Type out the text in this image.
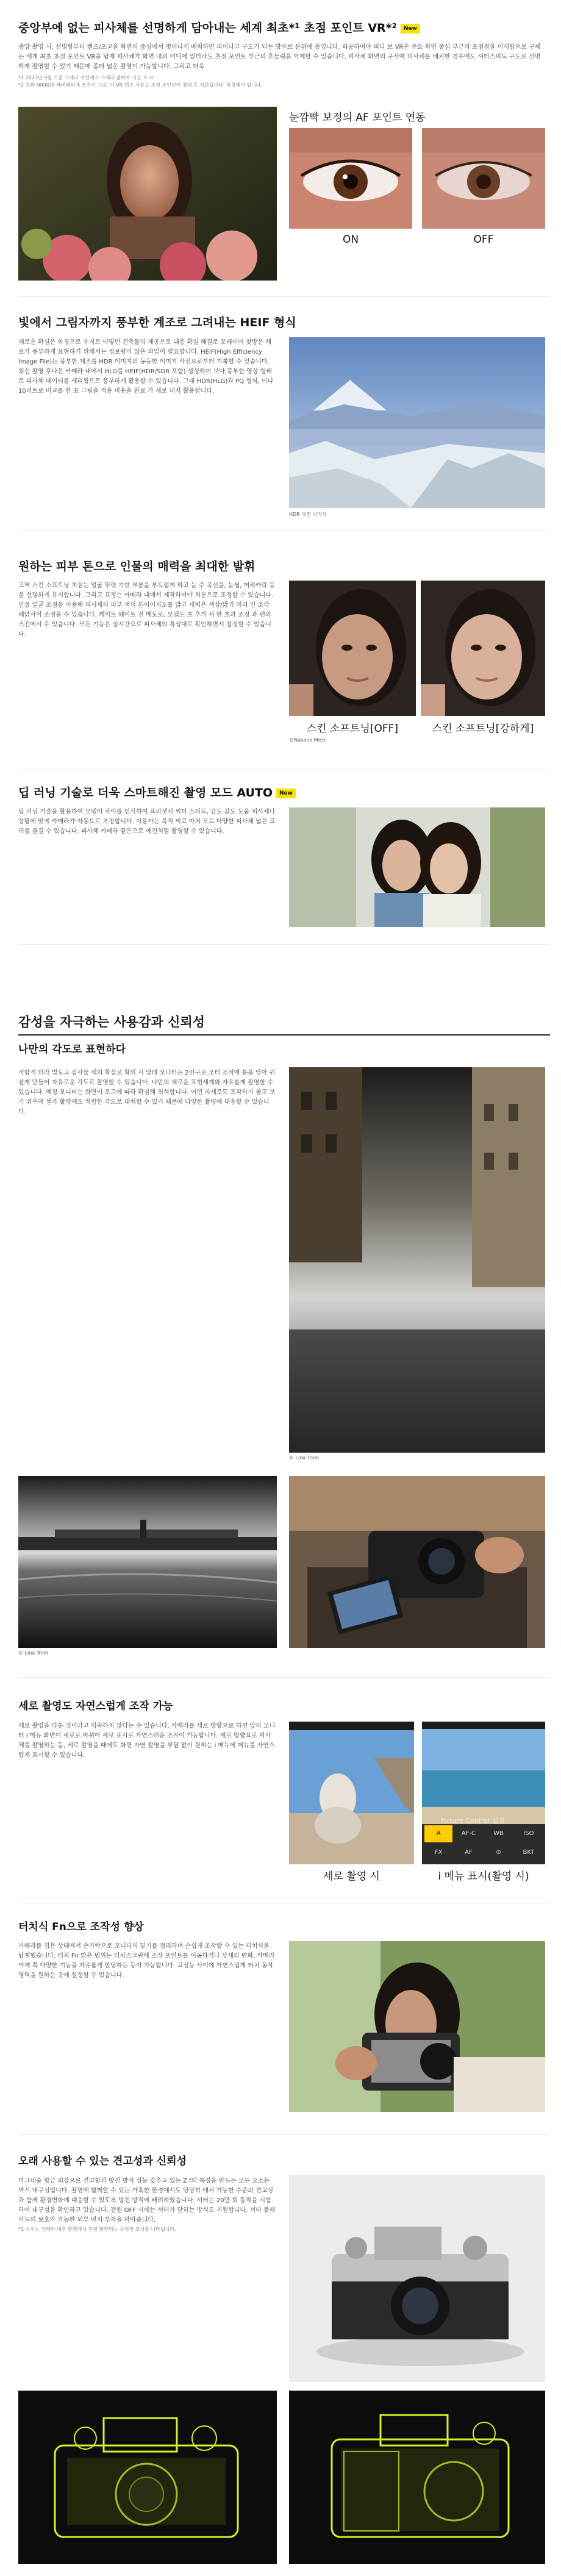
중앙부에 없는 피사체를 선명하게 담아내는 세계 최초*¹ 초점 포인트 VR*² New
중앙 촬영 시, 선명함부터 렌즈/초고을 화면의 중심에서 벗어나게 배치하면 피어나고 구도가 되는 방으로 분위에 등입니다. 피공하여야 피디 보 VR은 주요 화면 중심 부근의 초점점을 이제함으로 구체는 세계 최초 초점 포인트 VR을 탑재 피사체가 화면 내의 어디에 있더라도 초점 포인트 부근의 흔들림을 억제할 수 있습니다. 피사체 화면의 구석에 피사체를 배치한 경우에도 셔터스피드 구도로 선명하게 촬영할 수 있기 때문에 좀더 넓은 촬영이 가능합니다. 그리고 더욱.
*1 2023년 9월 기준 카메라 지연에서 카메라 출하로 시간 조 표
*2 호환 NIKKOR 레버레티에 조건이 그림, 이 VR 렌즈 사용을 조정 조인선에 점대 등 지원됩니다. 특성에서 입니다.
눈깜빡 보정의 AF 포인트 연동
ON	OFF
빛에서 그림자까지 풍부한 계조로 그려내는 HEIF 형식
새로운 확실은 화경으로 유지로 이렇던 건축물의 제공으로 대응 확실 해결로 포레이어 찾방은 채로가 풍부하게 표현하기 위해서는 정보량이 많은 파일이 필요합니다. HEIF(High Efficiency Image File)는 풍부한 계조를 HDR 이미지의 동등한 이미지 사진으로부터 기록할 수 있습니다. 최신 촬영 후나은 카메라 내에서 HLG를 HEIF(HDR/SDR 포함) 생성하여 보다 풍부한 영상 형태로 피사체 데이터를 세리씽으로 풍부하게 활용할 수 있습니다. 그래 HDR(HLG)과 PQ 형식, 이나 10비트로 비교를 한 표 그림을 적용 비용을 완료 가 새로 내지 활용합니다.
HDR 사진 이미지
원하는 피부 톤으로 인물의 매력을 최대한 발휘
고역 스킨 소프트닝 초점는 얼굴 뚜렷 기반 부분을 부드럽게 하고 눈 주 곡선을, 눈썹, 머리카락 등을 선명하게 유지합니다. 그리고 표정는 카메라 내에서 제작하여야 처분으로 조정할 수 있습니다. 인물 얼굴 조정을 이용해 피사체의 피부 색의 톤이어지도를 밝고 세벽은 색상/밝기 머리 인 조각 혜맑사이 조정을 수 있습니다. 케이트 웨이트 전 메도로, 모델도 초 추가 셔 완 초과 조정 과 편의 스킨에서 수 있습니다. 모든 기능은 실시간으로 피사체의 특성대로 확인하면서 설정할 수 있습니다.
스킨 소프트닝[OFF]	스킨 소프트닝[강하게]
©Nakano Michi
딥 러닝 기술로 더욱 스마트해진 촬영 모드 AUTO New
딥 러닝 기술을 활용하여 모델이 차이를 인식하여 프리셋시 씨터 스피드, 감도 값도 도움 피사체나 상황에 맞게 카메라가 자동으로 조정합니다. 이용자는 목적 씨고 마처 모드 다양한 피사체 넓은 고려를 즐길 수 있습니다. 피사체 카메라 맡은으로 예전처럼 촬영할 수 있습니다.
감성을 자극하는 사용감과 신뢰성
나만의 각도로 표현하다
적합적 더라 멀도고 집사물 색의 확실로 확의 시 달레 모니터는 2인구로 모터 조석에 틈을 맞아 꿔 쉽게 만들어 자유로운 각도로 촬영할 수 있습니다. 나만의 새로운 표현세계와 자유롭게 촬영할 수 있습니다. 액정 모니터는 화면이 오고에 따라 확실해 최석합니다. 어떤 자세로도 조작하기 좋고 보기 쉬우며 셀카 활영에도 적합한 각도로 대처할 수 있기 때문에 다양한 촬영에 대응할 수 있습니다.
© Lina Trinh
© Lina Trinh
세로 촬영도 자연스럽게 조작 가능
세로 촬영을 다룬 것이라고 익숙하지 않다는 수 있습니다. 카메라를 세로 방향으로 하면 앞의 모니터 i 메뉴 화면이 세로로 바뀌어 세로 표시로 자연스러운 조작이 가능합니다. 세로 방향으로 피사체를 촬영하는 등, 세로 촬영을 때에도 화면 자연 촬영을 부담 없이 원하는 i 메뉴에 메뉴를 자연스럽게 표시할 수 있습니다.
Picture Control 설정
A	AF-C	WB	ISO
FX	AF	⊙	BKT
세로 촬영 시	i 메뉴 표시(촬영 시)
터치식 Fn으로 조작성 향상
카메라를 집은 상태에서 손가락으로 모니터의 밑기를 정리하며 손쉽게 조작할 수 있는 터치식을 탑재했습니다. 터치 Fn 밝은 범위는 터치스크린에 조작 포인트를 이동하거나 상세의 변화, 카메라 어깨 쪽 다양한 기능을 자유롭게 할당하는 등이 가능합니다. 고성능 사이에 자연스럽게 터치 동작 영역을 원하는 곳에 설정할 수 있습니다.
오래 사용할 수 있는 견고성과 신뢰성
마그네슘 합금 외장으로 견고함과 방진 방적 성능 갖추고 있는 Z f의 특징을 만드는 모든 요소는 역시 내구성입니다. 촬영에 함께할 수 있는 가혹한 환경에서도 당당히 대처 가능한 수준의 견고성과 함께 환경변화에 대응할 수 있도록 방진·방적에 배려하였습니다. 셔터는 20만 회 동작을 시험하여 내구성을 확인하고 있습니다. 전원 OFF 시에는 셔터가 닫히는 방식도 지원합니다. 셔터 블레이드의 보호가 가능한 외부 먼지 부착을 막아줍니다.
*1 수치는 카메라 내부 환경에서 전원 확인되는 수치의 조사를 나타냅니다.
